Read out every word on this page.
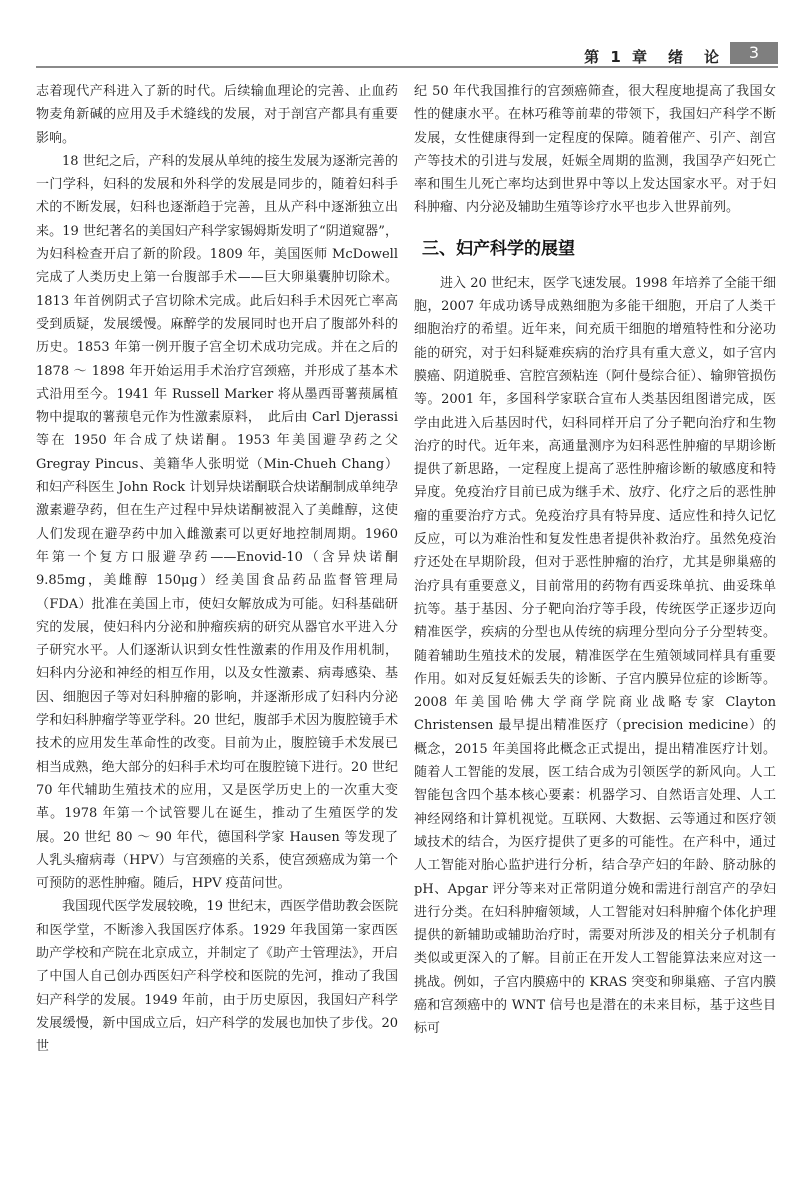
第 1 章　绪　论	3

志着现代产科进入了新的时代。后续输血理论的完善、止血药物麦角新碱的应用及手术缝线的发展，对于剖宫产都具有重要影响。

18 世纪之后，产科的发展从单纯的接生发展为逐渐完善的一门学科，妇科的发展和外科学的发展是同步的，随着妇科手术的不断发展，妇科也逐渐趋于完善，且从产科中逐渐独立出来。19 世纪著名的美国妇产科学家锡姆斯发明了“阴道窥器”，为妇科检查开启了新的阶段。1809 年，美国医师 McDowell 完成了人类历史上第一台腹部手术——巨大卵巢囊肿切除术。1813 年首例阴式子宫切除术完成。此后妇科手术因死亡率高受到质疑，发展缓慢。麻醉学的发展同时也开启了腹部外科的历史。1853 年第一例开腹子宫全切术成功完成。并在之后的 1878 ～ 1898 年开始运用手术治疗宫颈癌，并形成了基本术式沿用至今。1941 年 Russell Marker 将从墨西哥薯蓣属植物中提取的薯蓣皂元作为性激素原料，　此后由 Carl Djerassi 等在 1950 年合成了炔诺酮。1953 年美国避孕药之父 Gregray Pincus、美籍华人张明觉（Min-Chueh Chang）和妇产科医生 John Rock 计划异炔诺酮联合炔诺酮制成单纯孕激素避孕药，但在生产过程中异炔诺酮被混入了美雌醇，这使人们发现在避孕药中加入雌激素可以更好地控制周期。1960 年第一个复方口服避孕药——Enovid-10（含异炔诺酮 9.85mg，美雌醇 150μg）经美国食品药品监督管理局（FDA）批准在美国上市，使妇女解放成为可能。妇科基础研究的发展，使妇科内分泌和肿瘤疾病的研究从器官水平进入分子研究水平。人们逐渐认识到女性性激素的作用及作用机制，妇科内分泌和神经的相互作用，以及女性激素、病毒感染、基因、细胞因子等对妇科肿瘤的影响，并逐渐形成了妇科内分泌学和妇科肿瘤学等亚学科。20 世纪，腹部手术因为腹腔镜手术技术的应用发生革命性的改变。目前为止，腹腔镜手术发展已相当成熟，绝大部分的妇科手术均可在腹腔镜下进行。20 世纪 70 年代辅助生殖技术的应用，又是医学历史上的一次重大变革。1978 年第一个试管婴儿在诞生，推动了生殖医学的发展。20 世纪 80 ～ 90 年代，德国科学家 Hausen 等发现了人乳头瘤病毒（HPV）与宫颈癌的关系，使宫颈癌成为第一个可预防的恶性肿瘤。随后，HPV 疫苗问世。

我国现代医学发展较晚，19 世纪末，西医学借助教会医院和医学堂，不断渗入我国医疗体系。1929 年我国第一家西医助产学校和产院在北京成立，并制定了《助产士管理法》，开启了中国人自己创办西医妇产科学校和医院的先河，推动了我国妇产科学的发展。1949 年前，由于历史原因，我国妇产科学发展缓慢，新中国成立后，妇产科学的发展也加快了步伐。20 世

纪 50 年代我国推行的宫颈癌筛查，很大程度地提高了我国女性的健康水平。在林巧稚等前辈的带领下，我国妇产科学不断发展，女性健康得到一定程度的保障。随着催产、引产、剖宫产等技术的引进与发展，妊娠全周期的监测，我国孕产妇死亡率和围生儿死亡率均达到世界中等以上发达国家水平。对于妇科肿瘤、内分泌及辅助生殖等诊疗水平也步入世界前列。

三、妇产科学的展望

进入 20 世纪末，医学飞速发展。1998 年培养了全能干细胞，2007 年成功诱导成熟细胞为多能干细胞，开启了人类干细胞治疗的希望。近年来，间充质干细胞的增殖特性和分泌功能的研究，对于妇科疑难疾病的治疗具有重大意义，如子宫内膜癌、阴道脱垂、宫腔宫颈粘连（阿什曼综合征）、输卵管损伤等。2001 年，多国科学家联合宣布人类基因组图谱完成，医学由此进入后基因时代，妇科同样开启了分子靶向治疗和生物治疗的时代。近年来，高通量测序为妇科恶性肿瘤的早期诊断提供了新思路，一定程度上提高了恶性肿瘤诊断的敏感度和特异度。免疫治疗目前已成为继手术、放疗、化疗之后的恶性肿瘤的重要治疗方式。免疫治疗具有特异度、适应性和持久记忆反应，可以为难治性和复发性患者提供补救治疗。虽然免疫治疗还处在早期阶段，但对于恶性肿瘤的治疗，尤其是卵巢癌的治疗具有重要意义，目前常用的药物有西妥珠单抗、曲妥珠单抗等。基于基因、分子靶向治疗等手段，传统医学正逐步迈向精准医学，疾病的分型也从传统的病理分型向分子分型转变。随着辅助生殖技术的发展，精准医学在生殖领域同样具有重要作用。如对反复妊娠丢失的诊断、子宫内膜异位症的诊断等。2008 年美国哈佛大学商学院商业战略专家 Clayton Christensen 最早提出精准医疗（precision medicine）的概念，2015 年美国将此概念正式提出，提出精准医疗计划。随着人工智能的发展，医工结合成为引领医学的新风向。人工智能包含四个基本核心要素：机器学习、自然语言处理、人工神经网络和计算机视觉。互联网、大数据、云等通过和医疗领域技术的结合，为医疗提供了更多的可能性。在产科中，通过人工智能对胎心监护进行分析，结合孕产妇的年龄、脐动脉的 pH、Apgar 评分等来对正常阴道分娩和需进行剖宫产的孕妇进行分类。在妇科肿瘤领域，人工智能对妇科肿瘤个体化护理提供的新辅助或辅助治疗时，需要对所涉及的相关分子机制有类似或更深入的了解。目前正在开发人工智能算法来应对这一挑战。例如，子宫内膜癌中的 KRAS 突变和卵巢癌、子宫内膜癌和宫颈癌中的 WNT 信号也是潜在的未来目标，基于这些目标可
